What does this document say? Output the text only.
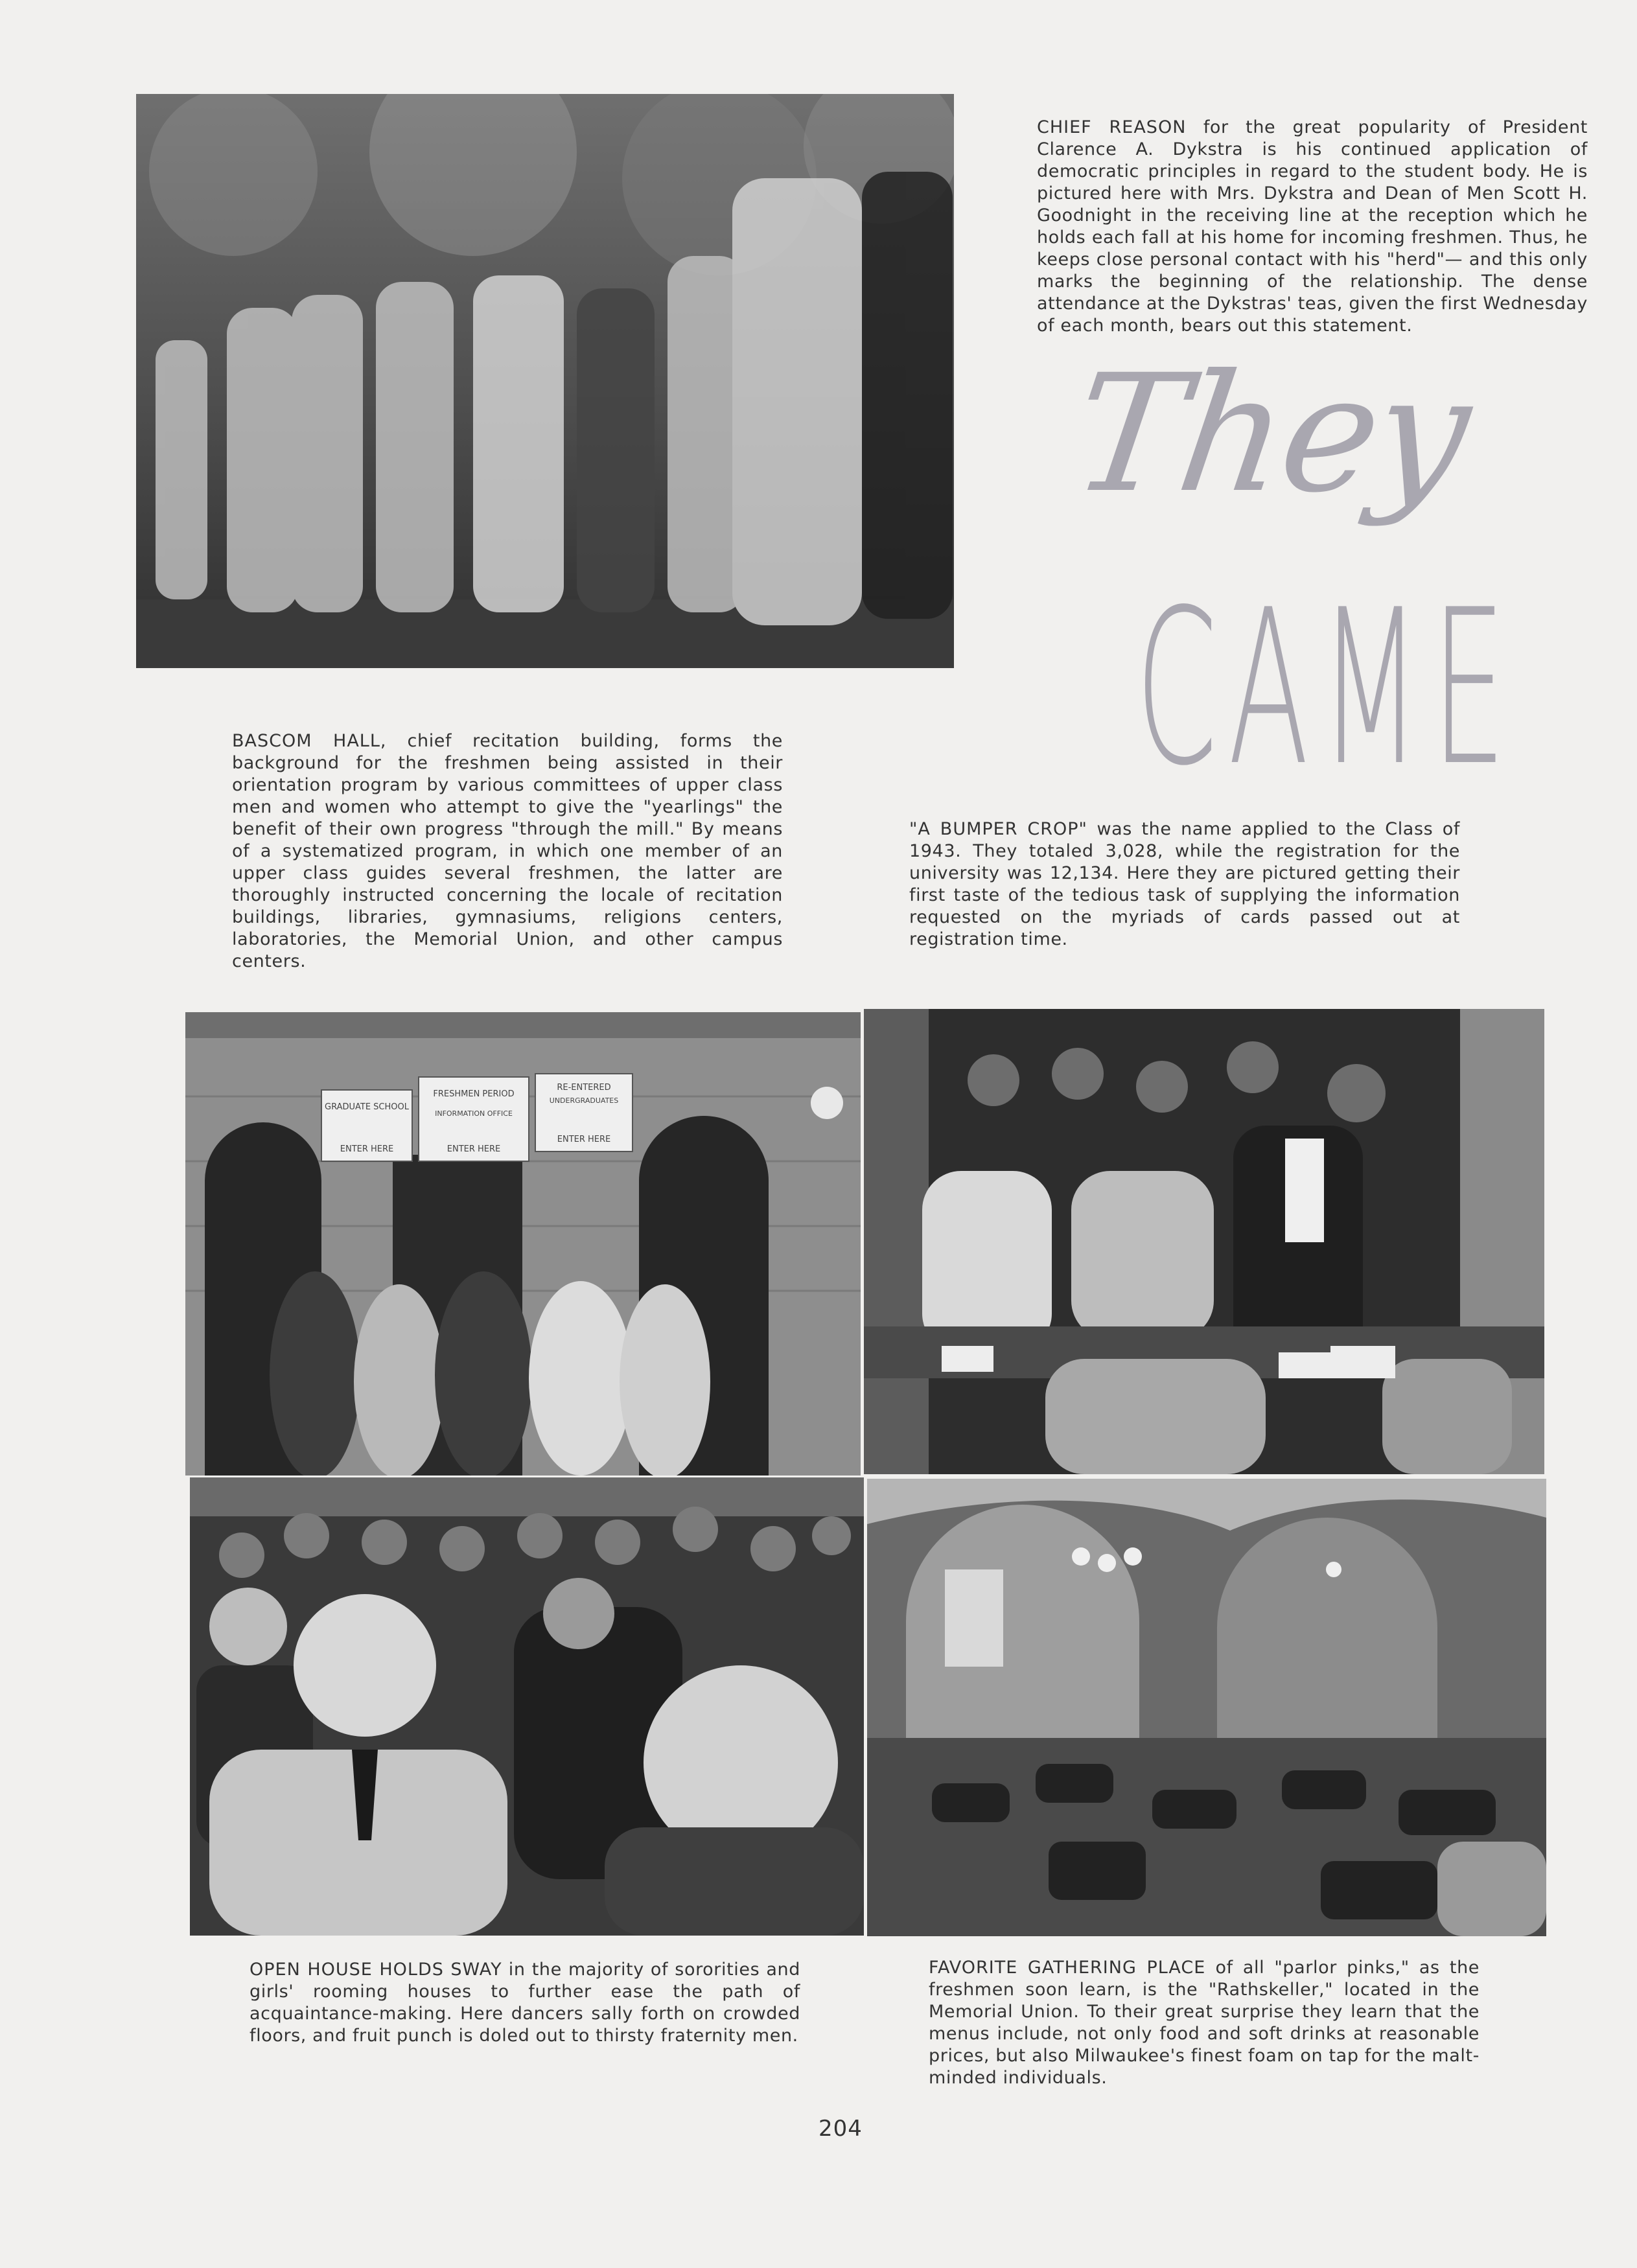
CHIEF REASON for the great popularity of President Clarence A. Dykstra is his continued application of democratic principles in regard to the student body. He is pictured here with Mrs. Dykstra and Dean of Men Scott H. Goodnight in the receiving line at the reception which he holds each fall at his home for incoming freshmen. Thus, he keeps close personal contact with his "herd"— and this only marks the beginning of the relationship. The dense attendance at the Dykstras' teas, given the first Wednesday of each month, bears out this statement.
They
CAME
BASCOM HALL, chief recitation building, forms the background for the freshmen being assisted in their orientation program by various committees of upper class men and women who attempt to give the "yearlings" the benefit of their own progress "through the mill." By means of a systematized program, in which one member of an upper class guides several freshmen, the latter are thoroughly instructed concerning the locale of recitation buildings, libraries, gymnasiums, religions centers, laboratories, the Memorial Union, and other campus centers.
"A BUMPER CROP" was the name applied to the Class of 1943. They totaled 3,028, while the registration for the university was 12,134. Here they are pictured getting their first taste of the tedious task of supplying the information requested on the myriads of cards passed out at registration time.
GRADUATE SCHOOL
ENTER HERE
FRESHMEN PERIOD
INFORMATION OFFICE
ENTER HERE
RE-ENTERED
UNDERGRADUATES
ENTER HERE
OPEN HOUSE HOLDS SWAY in the majority of sororities and girls' rooming houses to further ease the path of acquaintance-making. Here dancers sally forth on crowded floors, and fruit punch is doled out to thirsty fraternity men.
FAVORITE GATHERING PLACE of all "parlor pinks," as the freshmen soon learn, is the "Rathskeller," located in the Memorial Union. To their great surprise they learn that the menus include, not only food and soft drinks at reasonable prices, but also Milwaukee's finest foam on tap for the malt-minded individuals.
204
